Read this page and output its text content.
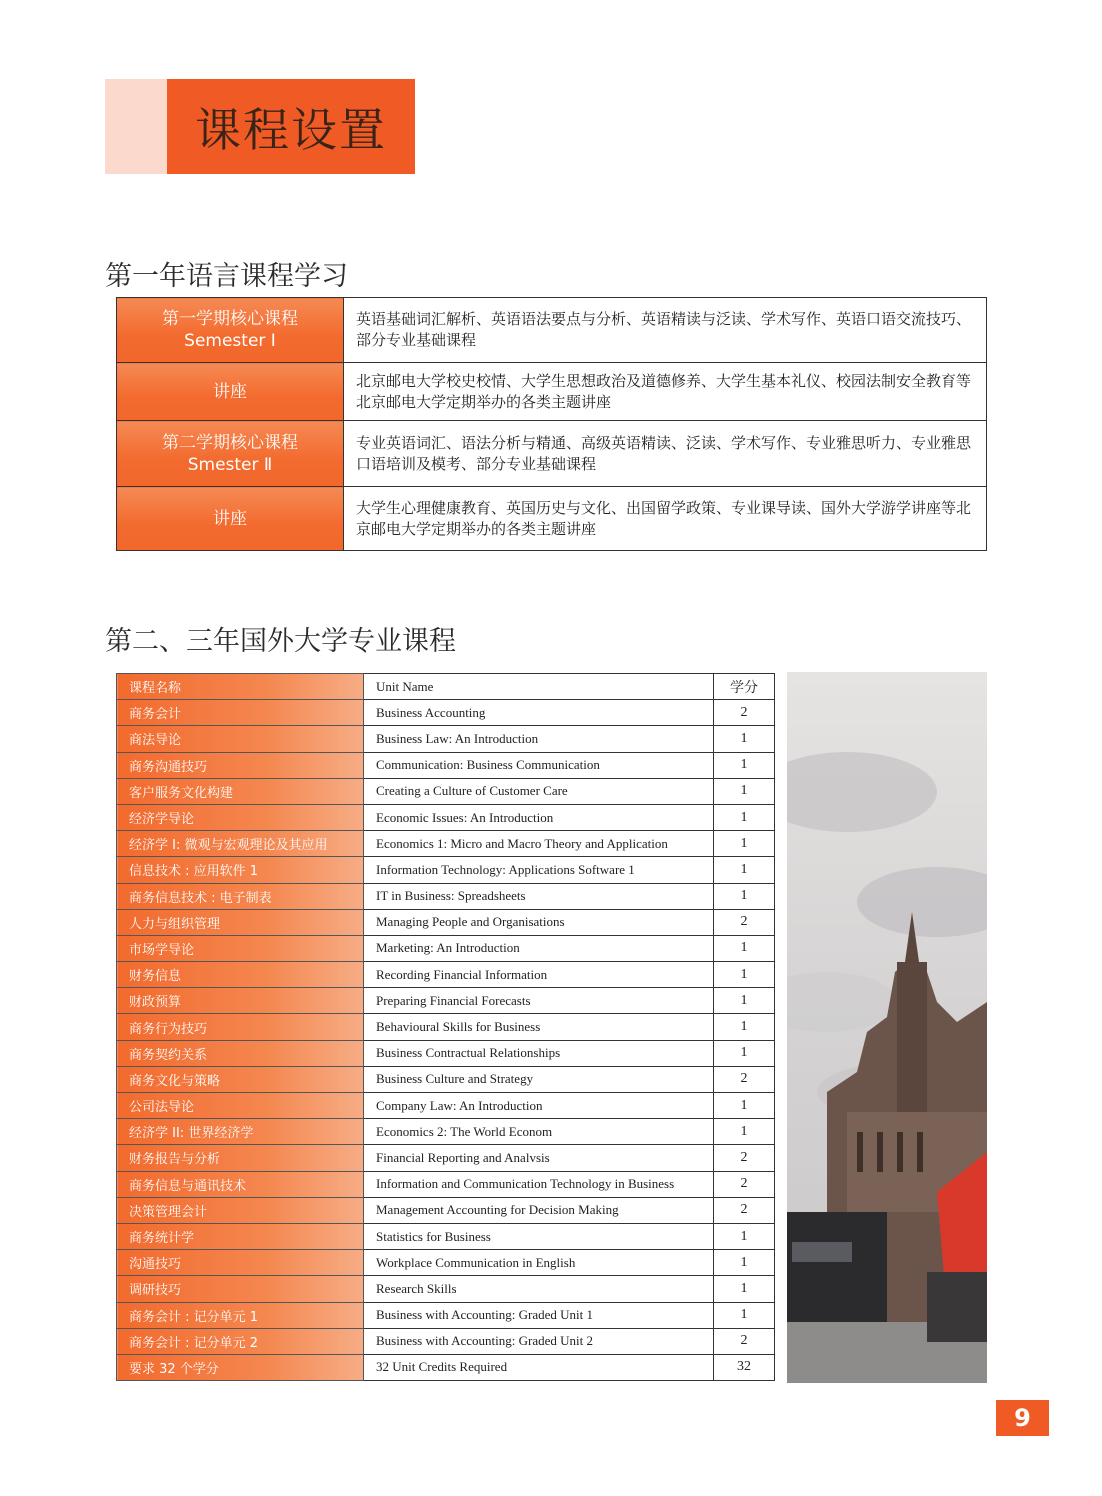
课程设置
第一年语言课程学习
第一学期核心课程
Semester Ⅰ	英语基础词汇解析、英语语法要点与分析、英语精读与泛读、学术写作、英语口语交流技巧、部分专业基础课程

讲座	北京邮电大学校史校情、大学生思想政治及道德修养、大学生基本礼仪、校园法制安全教育等北京邮电大学定期举办的各类主题讲座

第二学期核心课程
Smester Ⅱ	专业英语词汇、语法分析与精通、高级英语精读、泛读、学术写作、专业雅思听力、专业雅思口语培训及模考、部分专业基础课程

讲座	大学生心理健康教育、英国历史与文化、出国留学政策、专业课导读、国外大学游学讲座等北京邮电大学定期举办的各类主题讲座
第二、三年国外大学专业课程
课程名称	Unit Name	学分
商务会计	Business Accounting	2
商法导论	Business Law: An Introduction	1
商务沟通技巧	Communication: Business Communication	1
客户服务文化构建	Creating a Culture of Customer Care	1
经济学导论	Economic Issues: An Introduction	1
经济学 I: 微观与宏观理论及其应用	Economics 1: Micro and Macro Theory and Application	1
信息技术 : 应用软件 1	Information Technology: Applications Software 1	1
商务信息技术 : 电子制表	IT in Business: Spreadsheets	1
人力与组织管理	Managing People and Organisations	2
市场学导论	Marketing: An Introduction	1
财务信息	Recording Financial Information	1
财政预算	Preparing Financial Forecasts	1
商务行为技巧	Behavioural Skills for Business	1
商务契约关系	Business Contractual Relationships	1
商务文化与策略	Business Culture and Strategy	2
公司法导论	Company Law: An Introduction	1
经济学 II: 世界经济学	Economics 2: The World Econom	1
财务报告与分析	Financial Reporting and Analvsis	2
商务信息与通讯技术	Information and Communication Technology in Business	2
决策管理会计	Management Accounting for Decision Making	2
商务统计学	Statistics for Business	1
沟通技巧	Workplace Communication in English	1
调研技巧	Research Skills	1
商务会计 : 记分单元 1	Business with Accounting: Graded Unit 1	1
商务会计 : 记分单元 2	Business with Accounting: Graded Unit 2	2
要求 32 个学分	32 Unit Credits Required	32
9
